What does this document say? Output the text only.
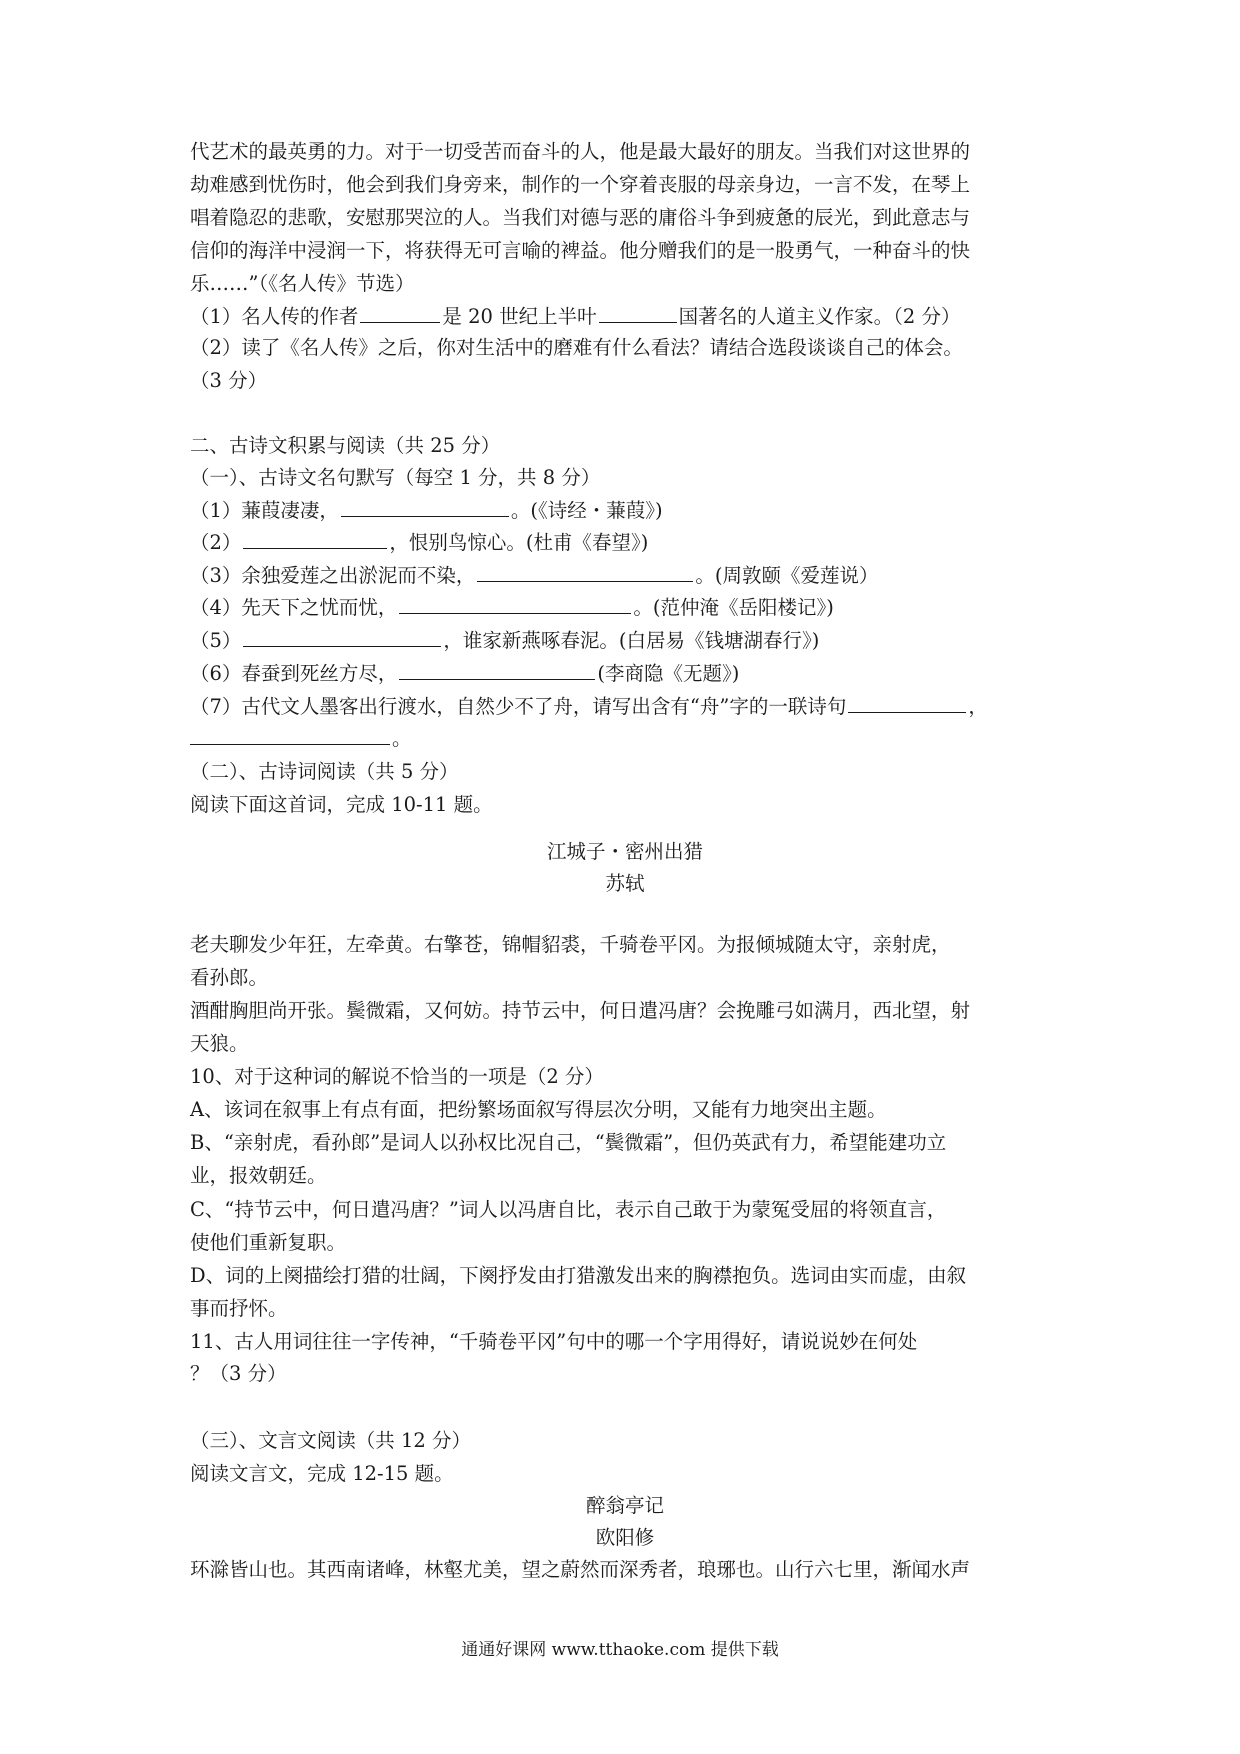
代艺术的最英勇的力。对于一切受苦而奋斗的人，他是最大最好的朋友。当我们对这世界的
劫难感到忧伤时，他会到我们身旁来，制作的一个穿着丧服的母亲身边，一言不发，在琴上
唱着隐忍的悲歌，安慰那哭泣的人。当我们对德与恶的庸俗斗争到疲惫的辰光，到此意志与
信仰的海洋中浸润一下，将获得无可言喻的裨益。他分赠我们的是一股勇气，一种奋斗的快
乐……”（《名人传》节选）
（1）名人传的作者	是 20 世纪上半叶	国著名的人道主义作家。（2 分）
（2）读了《名人传》之后，你对生活中的磨难有什么看法？请结合选段谈谈自己的体会。
（3 分）
二、古诗文积累与阅读（共 25 分）
（一）、古诗文名句默写（每空 1 分，共 8 分）
（1）蒹葭凄凄，	。(《诗经・蒹葭》)
（2）	，恨别鸟惊心。(杜甫《春望》)
（3）余独爱莲之出淤泥而不染，	。(周敦颐《爱莲说）
（4）先天下之忧而忧，	。(范仲淹《岳阳楼记》)
（5）	，谁家新燕啄春泥。(白居易《钱塘湖春行》)
（6）春蚕到死丝方尽，	(李商隐《无题》)
（7）古代文人墨客出行渡水，自然少不了舟，请写出含有“舟”字的一联诗句	，
。
（二）、古诗词阅读（共 5 分）
阅读下面这首词，完成 10-11 题。
江城子・密州出猎
苏轼
老夫聊发少年狂，左牵黄。右擎苍，锦帽貂裘，千骑卷平冈。为报倾城随太守，亲射虎，
看孙郎。
酒酣胸胆尚开张。鬓微霜，又何妨。持节云中，何日遣冯唐？会挽雕弓如满月，西北望，射
天狼。
10、对于这种词的解说不恰当的一项是（2 分）
A、该词在叙事上有点有面，把纷繁场面叙写得层次分明，又能有力地突出主题。
B、“亲射虎，看孙郎”是词人以孙权比况自己，“鬓微霜”，但仍英武有力，希望能建功立
业，报效朝廷。
C、“持节云中，何日遣冯唐？”词人以冯唐自比，表示自己敢于为蒙冤受屈的将领直言，
使他们重新复职。
D、词的上阕描绘打猎的壮阔，下阕抒发由打猎激发出来的胸襟抱负。选词由实而虚，由叙
事而抒怀。
11、古人用词往往一字传神，“千骑卷平冈”句中的哪一个字用得好，请说说妙在何处
？（3 分）
（三）、文言文阅读（共 12 分）
阅读文言文，完成 12-15 题。
醉翁亭记
欧阳修
环滁皆山也。其西南诸峰，林壑尤美，望之蔚然而深秀者，琅琊也。山行六七里，渐闻水声
通通好课网 www.tthaoke.com 提供下载
